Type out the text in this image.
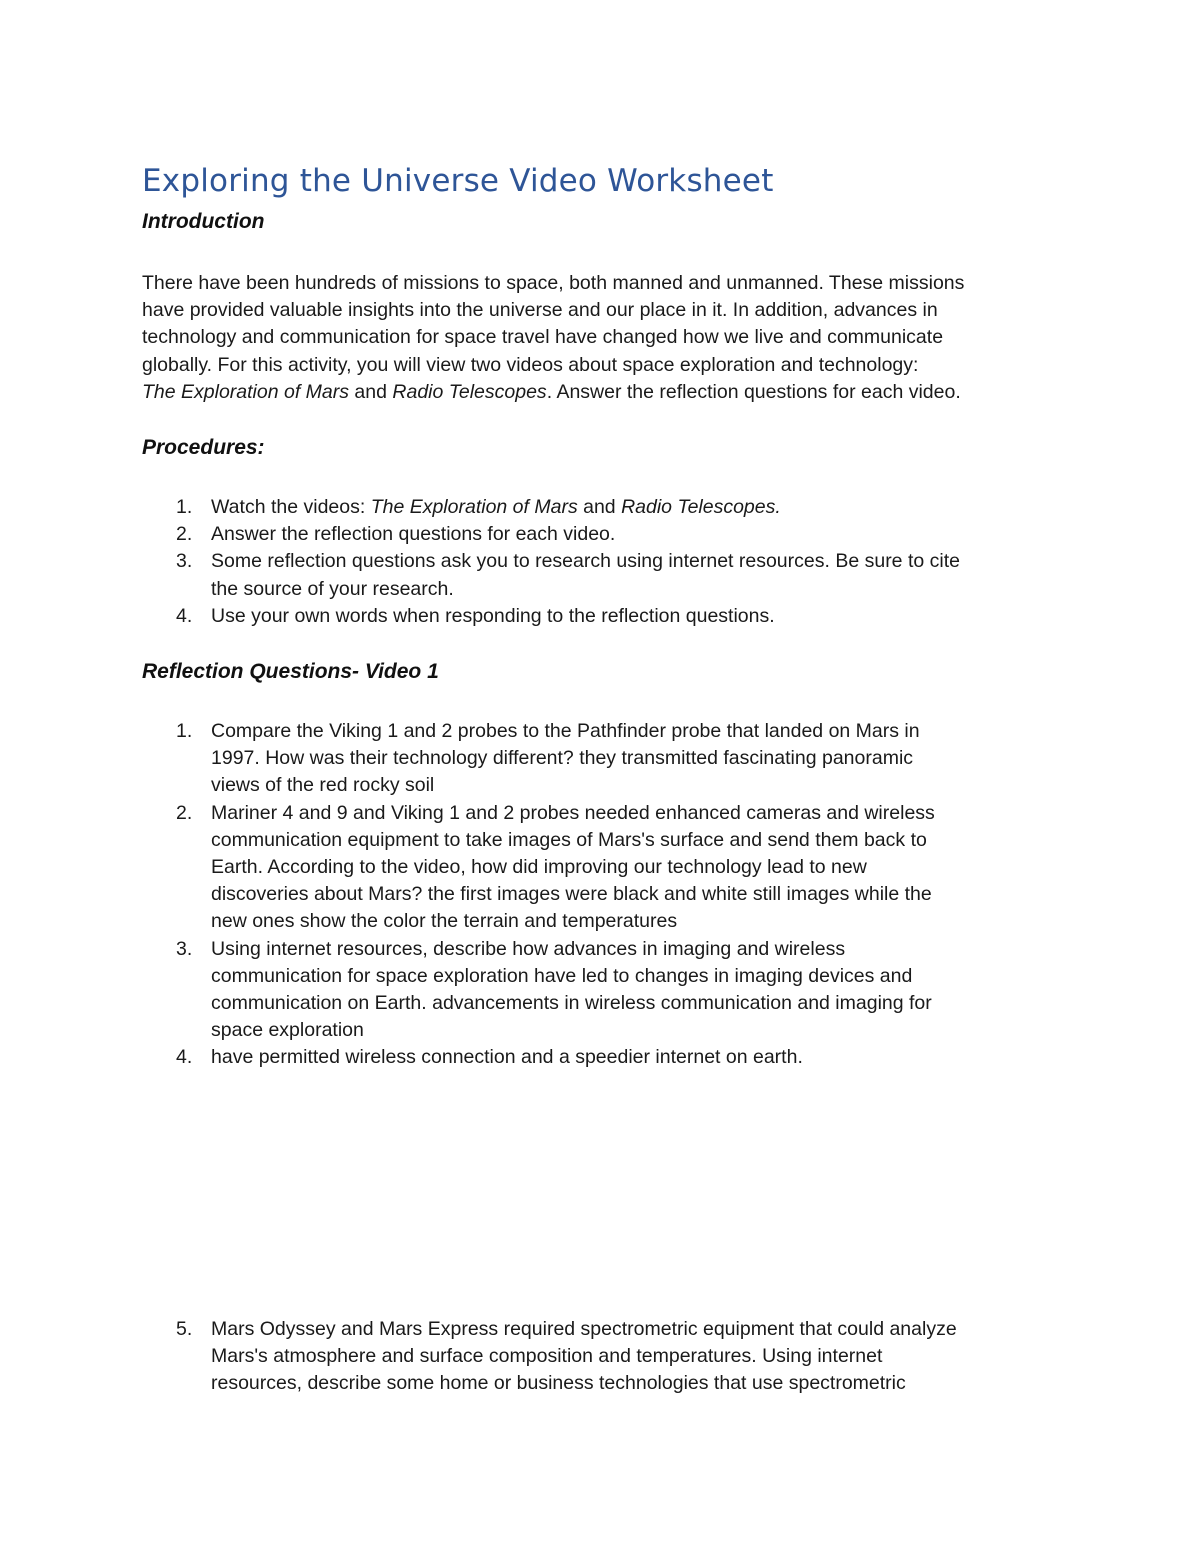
Exploring the Universe Video Worksheet
Introduction

There have been hundreds of missions to space, both manned and unmanned. These missions
have provided valuable insights into the universe and our place in it. In addition, advances in
technology and communication for space travel have changed how we live and communicate
globally. For this activity, you will view two videos about space exploration and technology:
The Exploration of Mars and Radio Telescopes. Answer the reflection questions for each video.

Procedures:
1. Watch the videos: The Exploration of Mars and Radio Telescopes.
2. Answer the reflection questions for each video.
3. Some reflection questions ask you to research using internet resources. Be sure to cite
the source of your research.
4. Use your own words when responding to the reflection questions.
Reflection Questions- Video 1
1. Compare the Viking 1 and 2 probes to the Pathfinder probe that landed on Mars in
1997. How was their technology different? they transmitted fascinating panoramic
views of the red rocky soil
2. Mariner 4 and 9 and Viking 1 and 2 probes needed enhanced cameras and wireless
communication equipment to take images of Mars's surface and send them back to
Earth. According to the video, how did improving our technology lead to new
discoveries about Mars? the first images were black and white still images while the
new ones show the color the terrain and temperatures
3. Using internet resources, describe how advances in imaging and wireless
communication for space exploration have led to changes in imaging devices and
communication on Earth. advancements in wireless communication and imaging for
space exploration
4. have permitted wireless connection and a speedier internet on earth.
5. Mars Odyssey and Mars Express required spectrometric equipment that could analyze
Mars's atmosphere and surface composition and temperatures. Using internet
resources, describe some home or business technologies that use spectrometric
